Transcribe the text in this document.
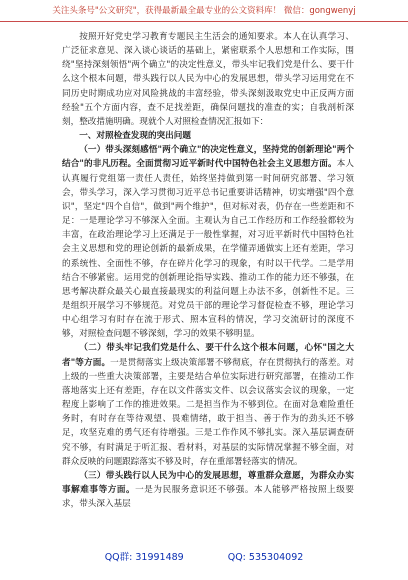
关注头条号"公文研究"，获得最新最全最专业的公文资料库！ 微信：gongwenyj

按照开好党史学习教育专题民主生活会的通知要求。本人在认真学习、广泛征求意见、深入谈心谈话的基础上，紧密联系个人思想和工作实际，围绕"坚持深刻领悟"两个确立"的决定性意义，带头牢记我们党是什么、要干什么这个根本问题，带头践行以人民为中心的发展思想，带头学习运用党在不同历史时期成功应对风险挑战的丰富经验，带头深刻汲取党史中正反两方面经验"五个方面内容，查不足找差距，确保问题找的准查的实；自我剖析深刻，整改措施明确。现就个人对照检查情况汇报如下：

一、对照检查发现的突出问题

（一）带头深刻感悟"两个确立"的决定性意义，坚持党的创新理论"两个结合"的非凡历程。全面贯彻习近平新时代中国特色社会主义思想方面。本人认真履行党组第一责任人责任，始终坚持做到第一时间研究部署、学习领会，带头学习，深入学习贯彻习近平总书记重要讲话精神，切实增强"四个意识"，坚定"四个自信"，做到"两个维护"，但对标对表，仍存在一些差距和不足：一是理论学习不够深入全面。主观认为自己工作经历和工作经验都较为丰富，在政治理论学习上还满足于一般性掌握，对习近平新时代中国特色社会主义思想和党的理论创新的最新成果，在学懂弄通做实上还有差距，学习的系统性、全面性不够，存在碎片化学习的现象，有时以干代学。二是学用结合不够紧密。运用党的创新理论指导实践、推动工作的能力还不够强，在思考解决群众最关心最直接最现实的利益问题上办法不多，创新性不足。三是组织开展学习不够规范。对党员干部的理论学习督促检查不够，理论学习中心组学习有时存在流于形式、照本宣科的情况，学习交流研讨的深度不够，对照检查问题不够深刻，学习的效果不够明显。

（二）带头牢记我们党是什么、要干什么这个根本问题，心怀"国之大者"等方面。一是贯彻落实上级决策部署不够彻底，存在贯彻执行的落差。对上级的一些重大决策部署，主要是结合单位实际进行研究部署，在推动工作落地落实上还有差距，存在以文件落实文件、以会议落实会议的现象，一定程度上影响了工作的推进效果。二是担当作为不够到位。在面对急难险重任务时，有时存在等待观望、畏难情绪，敢于担当、善于作为的劲头还不够足，攻坚克难的勇气还有待增强。三是工作作风不够扎实。深入基层调查研究不够，有时满足于听汇报、看材料，对基层的实际情况掌握不够全面，对群众反映的问题跟踪落实不够及时，存在重部署轻落实的情况。

（三）带头践行以人民为中心的发展思想，尊重群众意愿，为群众办实事解难事等方面。一是为民服务意识还不够强。本人能够严格按照上级要求，带头深入基层

QQ群: 31991489	QQ: 535304092
